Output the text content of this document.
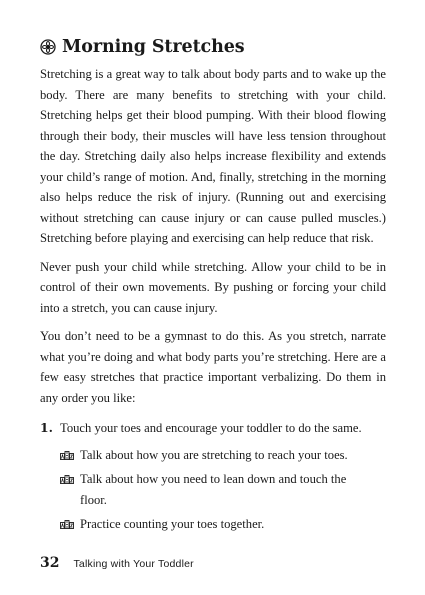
Morning Stretches

Stretching is a great way to talk about body parts and to wake up the body. There are many benefits to stretching with your child. Stretching helps get their blood pumping. With their blood flowing through their body, their muscles will have less tension throughout the day. Stretching daily also helps increase flexibility and extends your child’s range of motion. And, finally, stretching in the morning also helps reduce the risk of injury. (Running out and exercising without stretching can cause injury or can cause pulled muscles.) Stretching before playing and exercising can help reduce that risk.

Never push your child while stretching. Allow your child to be in control of their own movements. By pushing or forcing your child into a stretch, you can cause injury.

You don’t need to be a gymnast to do this. As you stretch, narrate what you’re doing and what body parts you’re stretching. Here are a few easy stretches that practice important verbalizing. Do them in any order you like:

1. Touch your toes and encourage your toddler to do the same.
Talk about how you are stretching to reach your toes.
Talk about how you need to lean down and touch the floor.
Practice counting your toes together.
32 Talking with Your Toddler
